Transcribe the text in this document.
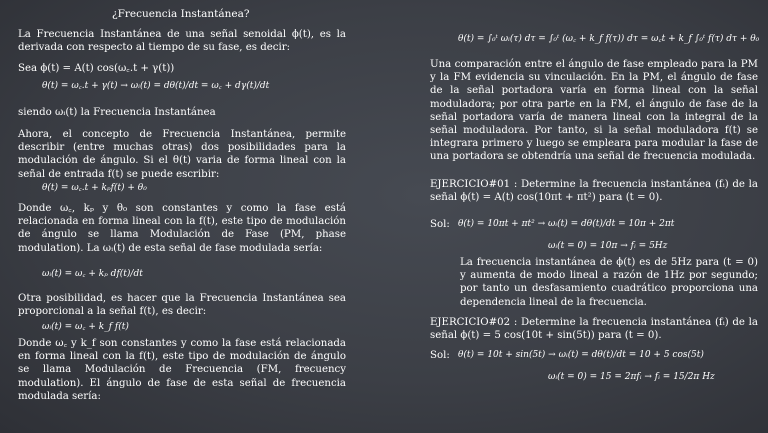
¿Frecuencia Instantánea?

La Frecuencia Instantánea de una señal senoidal ϕ(t), es la derivada con respecto al tiempo de su fase, es decir:

Sea ϕ(t) = A(t) cos(ω꜀.t + γ(t))
θ(t) = ω꜀.t + γ(t) → ωᵢ(t) = dθ(t)/dt = ω꜀ + dγ(t)/dt
siendo ωᵢ(t) la Frecuencia Instantánea

Ahora, el concepto de Frecuencia Instantánea, permite describir (entre muchas otras) dos posibilidades para la modulación de ángulo. Si el θ(t) varia de forma lineal con la señal de entrada f(t) se puede escribir:

θ(t) = ω꜀.t + kₚf(t) + θ₀

Donde ω꜀, kₚ y θ₀ son constantes y como la fase está relacionada en forma lineal con la f(t), este tipo de modulación de ángulo se llama Modulación de Fase (PM, phase modulation). La ωᵢ(t) de esta señal de fase modulada sería:

ωᵢ(t) = ω꜀ + kₚ df(t)/dt

Otra posibilidad, es hacer que la Frecuencia Instantánea sea proporcional a la señal f(t), es decir:

ωᵢ(t) = ω꜀ + k_f f(t)

Donde ω꜀ y k_f son constantes y como la fase está relacionada en forma lineal con la f(t), este tipo de modulación de ángulo se llama Modulación de Frecuencia (FM, frecuency modulation). El ángulo de fase de esta señal de frecuencia modulada sería:

θ(t) = ∫₀ᵗ ωᵢ(τ) dτ = ∫₀ᵗ (ω꜀ + k_f f(τ)) dτ = ω꜀t + k_f ∫₀ᵗ f(τ) dτ + θ₀

Una comparación entre el ángulo de fase empleado para la PM y la FM evidencia su vinculación. En la PM, el ángulo de fase de la señal portadora varía en forma lineal con la señal moduladora; por otra parte en la FM, el ángulo de fase de la señal portadora varía de manera lineal con la integral de la señal moduladora. Por tanto, si la señal moduladora f(t) se integrara primero y luego se empleara para modular la fase de una portadora se obtendría una señal de frecuencia modulada.

EJERCICIO#01 : Determine la frecuencia instantánea (fᵢ) de la señal ϕ(t) = A(t) cos(10πt + πt²) para (t = 0).

Sol: θ(t) = 10πt + πt² → ωᵢ(t) = dθ(t)/dt = 10π + 2πt
ωᵢ(t = 0) = 10π → fᵢ = 5Hz

La frecuencia instantánea de ϕ(t) es de 5Hz para (t = 0) y aumenta de modo lineal a razón de 1Hz por segundo; por tanto un desfasamiento cuadrático proporciona una dependencia lineal de la frecuencia.

EJERCICIO#02 : Determine la frecuencia instantánea (fᵢ) de la señal ϕ(t) = 5 cos(10t + sin(5t)) para (t = 0).

Sol: θ(t) = 10t + sin(5t) → ωᵢ(t) = dθ(t)/dt = 10 + 5 cos(5t)
ωᵢ(t = 0) = 15 = 2πfᵢ → fᵢ = 15/2π Hz
